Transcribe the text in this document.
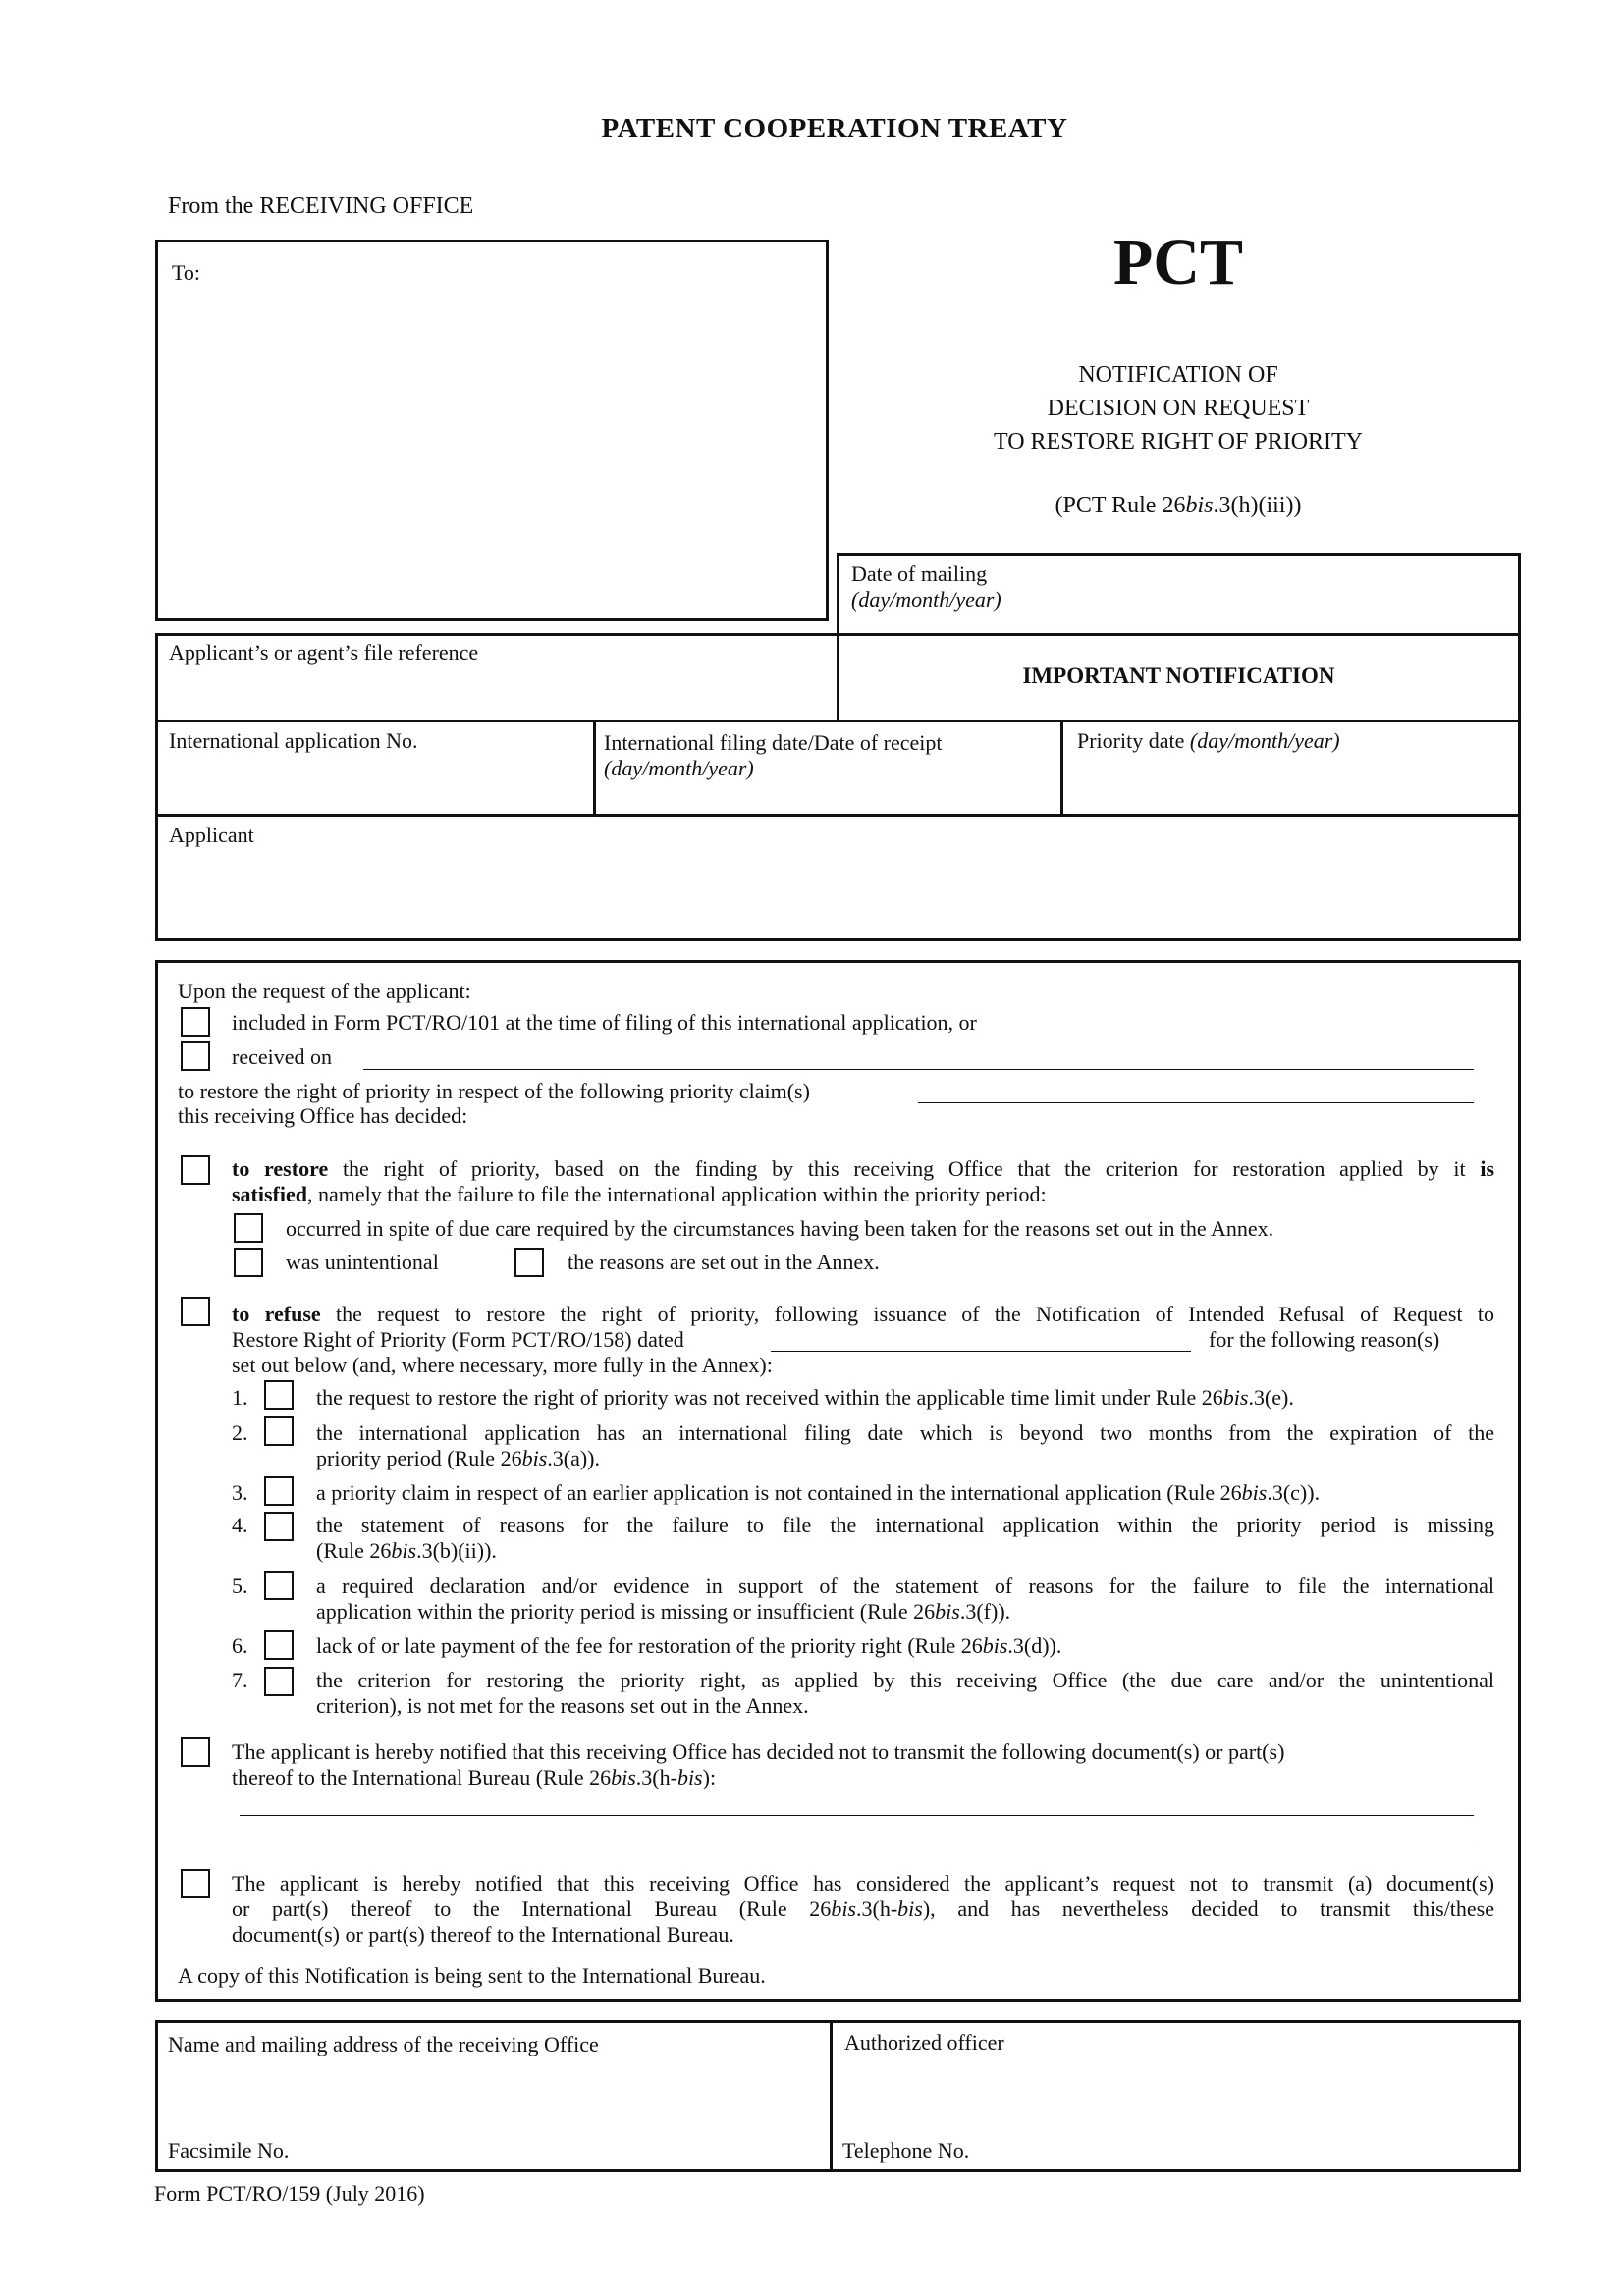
PATENT COOPERATION TREATY
From the RECEIVING OFFICE
To:	PCT
NOTIFICATION OF
DECISION ON REQUEST
TO RESTORE RIGHT OF PRIORITY
(PCT Rule 26bis.3(h)(iii))
Date of mailing
(day/month/year)
Applicant’s or agent’s file reference
IMPORTANT NOTIFICATION
International application No.	International filing date/Date of receipt
(day/month/year)
Priority date (day/month/year)
Applicant
Upon the request of the applicant:
included in Form PCT/RO/101 at the time of filing of this international application, or
received on
to restore the right of priority in respect of the following priority claim(s)
this receiving Office has decided:
to restore the right of priority, based on the finding by this receiving Office that the criterion for restoration applied by it is
satisfied, namely that the failure to file the international application within the priority period:
occurred in spite of due care required by the circumstances having been taken for the reasons set out in the Annex.
was unintentional	the reasons are set out in the Annex.
to refuse the request to restore the right of priority, following issuance of the Notification of Intended Refusal of Request to
Restore Right of Priority (Form PCT/RO/158) dated	for the following reason(s)
set out below (and, where necessary, more fully in the Annex):
1.	the request to restore the right of priority was not received within the applicable time limit under Rule 26bis.3(e).
2.	the international application has an international filing date which is beyond two months from the expiration of the
priority period (Rule 26bis.3(a)).
3.	a priority claim in respect of an earlier application is not contained in the international application (Rule 26bis.3(c)).
4.	the statement of reasons for the failure to file the international application within the priority period is missing
(Rule 26bis.3(b)(ii)).
5.	a required declaration and/or evidence in support of the statement of reasons for the failure to file the international
application within the priority period is missing or insufficient (Rule 26bis.3(f)).
6.	lack of or late payment of the fee for restoration of the priority right (Rule 26bis.3(d)).
7.	the criterion for restoring the priority right, as applied by this receiving Office (the due care and/or the unintentional
criterion), is not met for the reasons set out in the Annex.
The applicant is hereby notified that this receiving Office has decided not to transmit the following document(s) or part(s)
thereof to the International Bureau (Rule 26bis.3(h-bis):
The applicant is hereby notified that this receiving Office has considered the applicant’s request not to transmit (a) document(s)
or part(s) thereof to the International Bureau (Rule 26bis.3(h-bis), and has nevertheless decided to transmit this/these
document(s) or part(s) thereof to the International Bureau.
A copy of this Notification is being sent to the International Bureau.
Name and mailing address of the receiving Office	Authorized officer
Facsimile No.	Telephone No.
Form PCT/RO/159 (July 2016)
